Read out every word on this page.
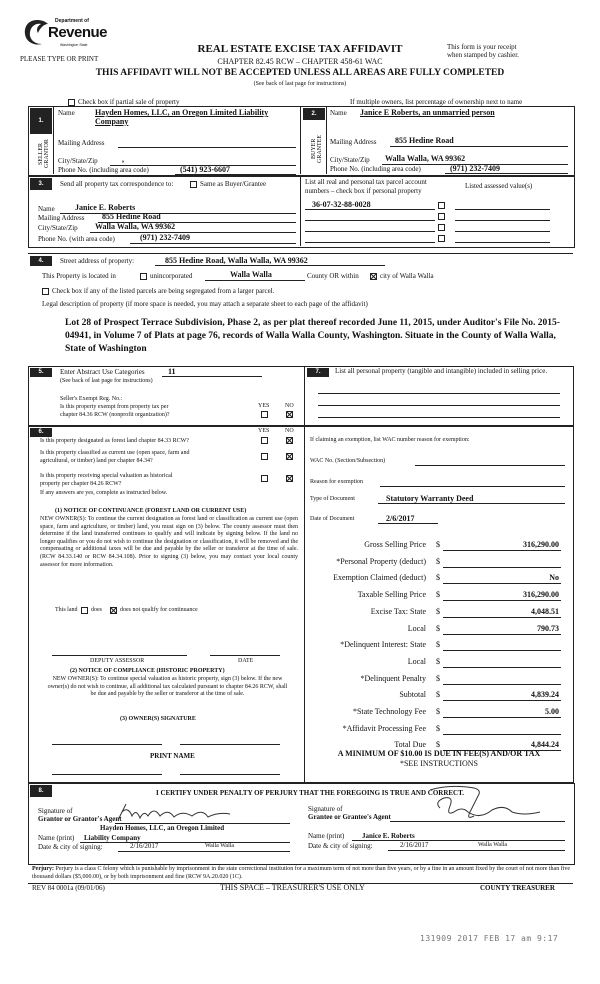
Department of
Revenue
Washington State
PLEASE TYPE OR PRINT
REAL ESTATE EXCISE TAX AFFIDAVIT
CHAPTER 82.45 RCW – CHAPTER 458-61 WAC
THIS AFFIDAVIT WILL NOT BE ACCEPTED UNLESS ALL AREAS ARE FULLY COMPLETED
(See back of last page for instructions)
This form is your receipt
when stamped by cashier.
Check box if partial sale of property	If multiple owners, list percentage of ownership next to name
1.
SELLER GRANTOR
Name	Hayden Homes, LLC, an Oregon Limited Liability
Company
Mailing Address
City/State/Zip	,
Phone No. (including area code)	(541) 923-6607
2.
BUYER GRANTEE
Name Janice E Roberts, an unmarried person
Mailing Address 855 Hedine Road
City/State/Zip Walla Walla, WA 99362
Phone No. (including area code)	(971) 232-7409
3.	Send all property tax correspondence to:	Same as Buyer/Grantee	List all real and personal tax parcel account
numbers – check box if personal property
Listed assessed value(s)
Name	Janice E. Roberts
Mailing Address 855 Hedine Road
City/State/Zip Walla Walla, WA 99362
Phone No. (with area code)	(971) 232-7409
36-07-32-88-0028
4.	Street address of property:	855 Hedine Road, Walla Walla, WA 99362
This Property is located in	unincorporated	Walla Walla	County OR within	city of Walla Walla
Check box if any of the listed parcels are being segregated from a larger parcel.
Legal description of property (if more space is needed, you may attach a separate sheet to each page of the affidavit)
Lot 28 of Prospect Terrace Subdivision, Phase 2, as per plat thereof recorded June 11, 2015, under Auditor's File No. 2015-04941, in Volume 7 of Plats at page 76, records of Walla Walla County, Washington. Situate in the County of Walla Walla, State of Washington
5.	Enter Abstract Use Categories	11
(See back of last page for instructions)
Seller's Exempt Reg. No.:
Is this property exempt from property tax per
chapter 84.36 RCW (nonprofit organization)?
YES	NO
7.	List all personal property (tangible and intangible) included in selling price.
6.	YES	NO
Is this property designated as forest land chapter 84.33 RCW?
Is this property classified as current use (open space, farm and
agricultural, or timber) land per chapter 84.34?
Is this property receiving special valuation as historical
property per chapter 84.26 RCW?
If any answers are yes, complete as instructed below.
(1) NOTICE OF CONTINUANCE (FOREST LAND OR CURRENT USE)
NEW OWNER(S): To continue the current designation as forest land or classification as current use (open space, farm and agriculture, or timber) land, you must sign on (3) below. The county assessor must then determine if the land transferred continues to qualify and will indicate by signing below. If the land no longer qualifies or you do not wish to continue the designation or classification, it will be removed and the compensating or additional taxes will be due and payable by the seller or transferor at the time of sale. (RCW 84.33.140 or RCW 84.34.108). Prior to signing (3) below, you may contact your local county assessor for more information.
This land does	does not qualify for continuance
DEPUTY ASSESSOR	DATE
(2) NOTICE OF COMPLIANCE (HISTORIC PROPERTY)
NEW OWNER(S): To continue special valuation as historic property, sign (3) below. If the new owner(s) do not wish to continue, all additional tax calculated pursuant to chapter 84.26 RCW, shall be due and payable by the seller or transferor at the time of sale.
(3) OWNER(S) SIGNATURE
PRINT NAME
If claiming an exemption, list WAC number reason for exemption:
WAC No. (Section/Subsection)
Reason for exemption
Type of Document	Statutory Warranty Deed
Date of Document	2/6/2017
Gross Selling Price $	316,290.00
*Personal Property (deduct) $
Exemption Claimed (deduct) $	No
Taxable Selling Price $	316,290.00
Excise Tax: State $	4,048.51
Local $	790.73
*Delinquent Interest: State $
Local $
*Delinquent Penalty $
Subtotal $	4,839.24
*State Technology Fee $	5.00
*Affidavit Processing Fee $
Total Due $	4,844.24
A MINIMUM OF $10.00 IS DUE IN FEE(S) AND/OR TAX
*SEE INSTRUCTIONS
8.	I CERTIFY UNDER PENALTY OF PERJURY THAT THE FOREGOING IS TRUE AND CORRECT.
Signature of
Grantor or Grantor's Agent
Hayden Homes, LLC, an Oregon Limited
Name (print) Liability Company
Date & city of signing:	2/16/2017	Walla Walla
Signature of
Grantee or Grantee's Agent
Name (print)	Janice E. Roberts
Date & city of signing:	2/16/2017	Walla Walla
Perjury: Perjury is a class C felony which is punishable by imprisonment in the state correctional institution for a maximum term of not more than five years, or by a fine in an amount fixed by the court of not more than five thousand dollars ($5,000.00), or by both imprisonment and fine (RCW 9A.20.020 (1C).
REV 84 0001a (09/01/06)	THIS SPACE – TREASURER'S USE ONLY	COUNTY TREASURER
131909 2017 FEB 17 am 9:17
